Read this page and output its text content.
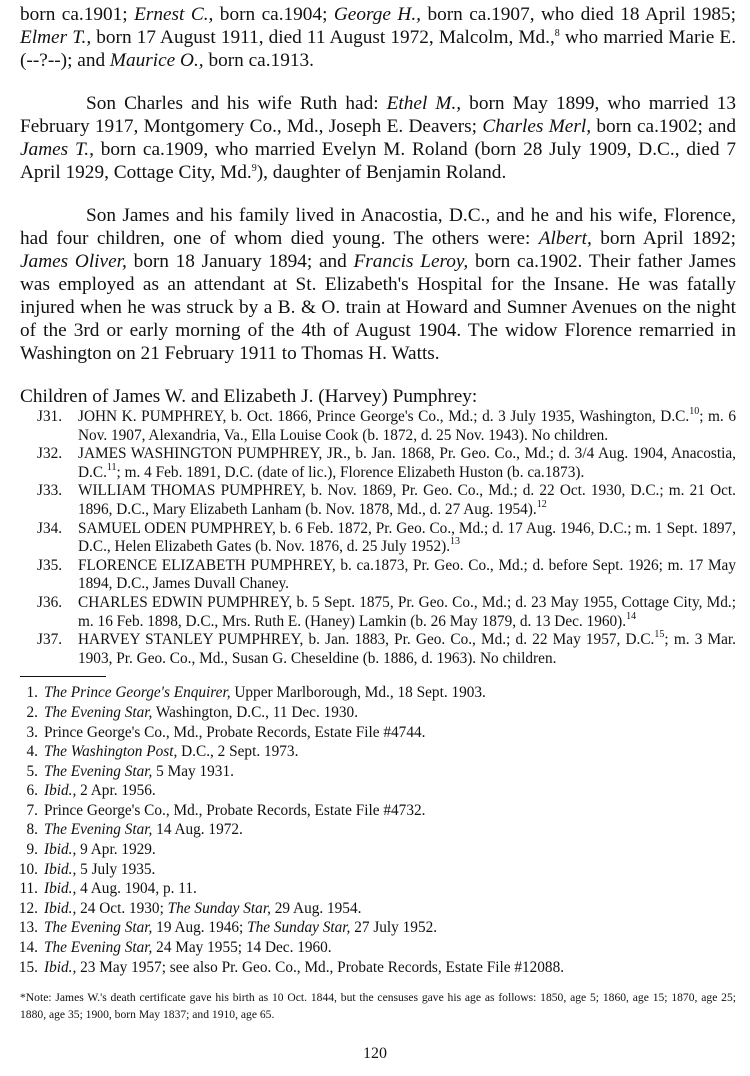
born ca.1901; Ernest C., born ca.1904; George H., born ca.1907, who died 18 April 1985; Elmer T., born 17 August 1911, died 11 August 1972, Malcolm, Md.,$^8$ who married Marie E. (--?--); and Maurice O., born ca.1913.

Son Charles and his wife Ruth had: Ethel M., born May 1899, who married 13 February 1917, Montgomery Co., Md., Joseph E. Deavers; Charles Merl, born ca.1902; and James T., born ca.1909, who married Evelyn M. Roland (born 28 July 1909, D.C., died 7 April 1929, Cottage City, Md.$^9$), daughter of Benjamin Roland.

Son James and his family lived in Anacostia, D.C., and he and his wife, Florence, had four children, one of whom died young. The others were: Albert, born April 1892; James Oliver, born 18 January 1894; and Francis Leroy, born ca.1902. Their father James was employed as an attendant at St. Elizabeth's Hospital for the Insane. He was fatally injured when he was struck by a B. & O. train at Howard and Sumner Avenues on the night of the 3rd or early morning of the 4th of August 1904. The widow Florence remarried in Washington on 21 February 1911 to Thomas H. Watts.

Children of James W. and Elizabeth J. (Harvey) Pumphrey:
J31.	JOHN K. PUMPHREY, b. Oct. 1866, Prince George's Co., Md.; d. 3 July 1935, Washington, D.C.$^{10}$; m. 6 Nov. 1907, Alexandria, Va., Ella Louise Cook (b. 1872, d. 25 Nov. 1943). No children.
J32.	JAMES WASHINGTON PUMPHREY, JR., b. Jan. 1868, Pr. Geo. Co., Md.; d. 3/4 Aug. 1904, Anacostia, D.C.$^{11}$; m. 4 Feb. 1891, D.C. (date of lic.), Florence Elizabeth Huston (b. ca.1873).
J33.	WILLIAM THOMAS PUMPHREY, b. Nov. 1869, Pr. Geo. Co., Md.; d. 22 Oct. 1930, D.C.; m. 21 Oct. 1896, D.C., Mary Elizabeth Lanham (b. Nov. 1878, Md., d. 27 Aug. 1954).$^{12}$
J34.	SAMUEL ODEN PUMPHREY, b. 6 Feb. 1872, Pr. Geo. Co., Md.; d. 17 Aug. 1946, D.C.; m. 1 Sept. 1897, D.C., Helen Elizabeth Gates (b. Nov. 1876, d. 25 July 1952).$^{13}$
J35.	FLORENCE ELIZABETH PUMPHREY, b. ca.1873, Pr. Geo. Co., Md.; d. before Sept. 1926; m. 17 May 1894, D.C., James Duvall Chaney.
J36.	CHARLES EDWIN PUMPHREY, b. 5 Sept. 1875, Pr. Geo. Co., Md.; d. 23 May 1955, Cottage City, Md.; m. 16 Feb. 1898, D.C., Mrs. Ruth E. (Haney) Lamkin (b. 26 May 1879, d. 13 Dec. 1960).$^{14}$
J37.	HARVEY STANLEY PUMPHREY, b. Jan. 1883, Pr. Geo. Co., Md.; d. 22 May 1957, D.C.$^{15}$; m. 3 Mar. 1903, Pr. Geo. Co., Md., Susan G. Cheseldine (b. 1886, d. 1963). No children.
1. The Prince George's Enquirer, Upper Marlborough, Md., 18 Sept. 1903.
2. The Evening Star, Washington, D.C., 11 Dec. 1930.
3. Prince George's Co., Md., Probate Records, Estate File #4744.
4. The Washington Post, D.C., 2 Sept. 1973.
5. The Evening Star, 5 May 1931.
6. Ibid., 2 Apr. 1956.
7. Prince George's Co., Md., Probate Records, Estate File #4732.
8. The Evening Star, 14 Aug. 1972.
9. Ibid., 9 Apr. 1929.
10. Ibid., 5 July 1935.
11. Ibid., 4 Aug. 1904, p. 11.
12. Ibid., 24 Oct. 1930; The Sunday Star, 29 Aug. 1954.
13. The Evening Star, 19 Aug. 1946; The Sunday Star, 27 July 1952.
14. The Evening Star, 24 May 1955; 14 Dec. 1960.
15. Ibid., 23 May 1957; see also Pr. Geo. Co., Md., Probate Records, Estate File #12088.
*Note: James W.'s death certificate gave his birth as 10 Oct. 1844, but the censuses gave his age as follows: 1850, age 5; 1860, age 15; 1870, age 25; 1880, age 35; 1900, born May 1837; and 1910, age 65.
120
